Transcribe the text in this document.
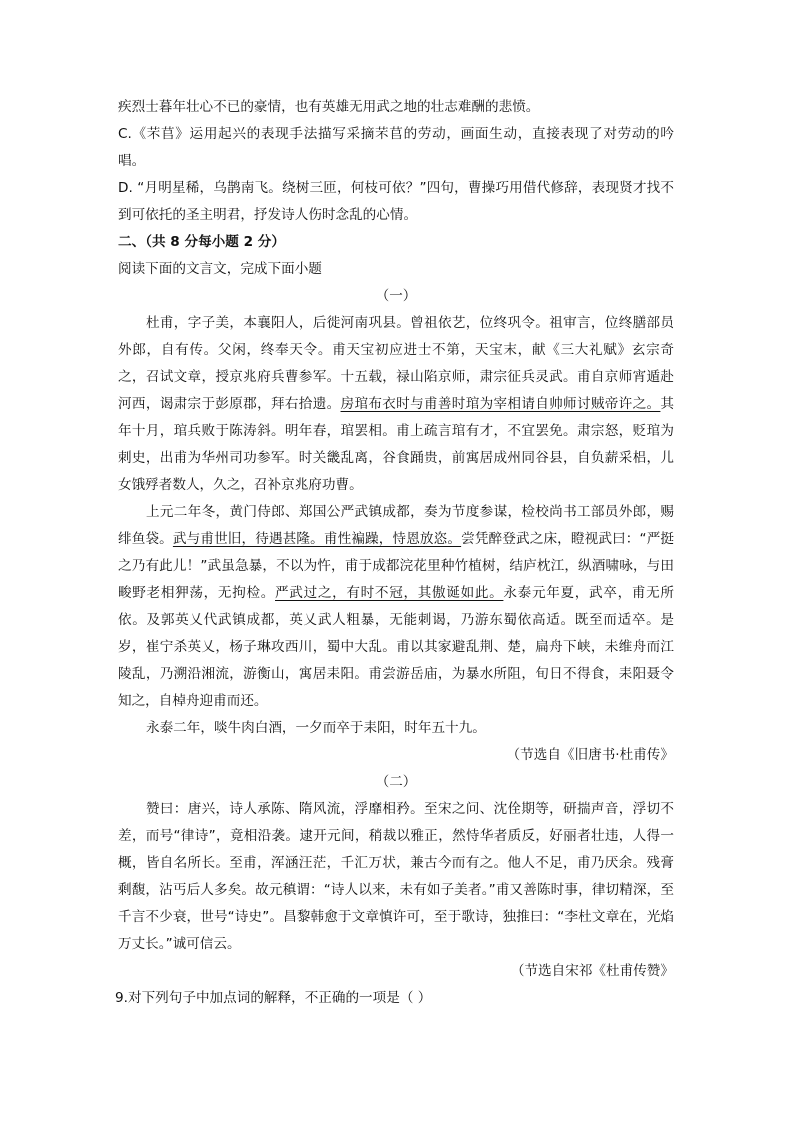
疾烈士暮年壮心不已的豪情，也有英雄无用武之地的壮志难酬的悲愤。

C.《芣苢》运用起兴的表现手法描写采摘芣苢的劳动，画面生动，直接表现了对劳动的吟唱。

D. “月明星稀，乌鹊南飞。绕树三匝，何枝可依？”四句，曹操巧用借代修辞，表现贤才找不到可依托的圣主明君，抒发诗人伤时念乱的心情。

二、（共 8 分每小题 2 分）

阅读下面的文言文，完成下面小题

（一）

杜甫，字子美，本襄阳人，后徙河南巩县。曾祖依艺，位终巩令。祖审言，位终膳部员外郎，自有传。父闲，终奉天令。甫天宝初应进士不第，天宝末，献《三大礼赋》玄宗奇之，召试文章，授京兆府兵曹参军。十五载，禄山陷京师，肃宗征兵灵武。甫自京师宵遁赴河西，谒肃宗于彭原郡，拜右拾遗。房琯布衣时与甫善时琯为宰相请自帅师讨贼帝许之。其年十月，琯兵败于陈涛斜。明年春，琯罢相。甫上疏言琯有才，不宜罢免。肃宗怒，贬琯为刺史，出甫为华州司功参军。时关畿乱离，谷食踊贵，前寓居成州同谷县，自负薪采梠，儿女饿殍者数人，久之，召补京兆府功曹。

上元二年冬，黄门侍郎、郑国公严武镇成都，奏为节度参谋，检校尚书工部员外郎，赐绯鱼袋。武与甫世旧，待遇甚隆。甫性褊躁，恃恩放恣。尝凭醉登武之床，瞪视武曰：“严挺之乃有此儿！”武虽急暴，不以为忤，甫于成都浣花里种竹植树，结庐枕江，纵酒啸咏，与田畯野老相狎荡，无拘检。严武过之，有时不冠，其傲诞如此。永泰元年夏，武卒，甫无所依。及郭英乂代武镇成都，英乂武人粗暴，无能刺谒，乃游东蜀依高适。既至而适卒。是岁，崔宁杀英乂，杨子琳攻西川，蜀中大乱。甫以其家避乱荆、楚，扁舟下峡，未维舟而江陵乱，乃溯沿湘流，游衡山，寓居耒阳。甫尝游岳庙，为暴水所阻，旬日不得食，耒阳聂令知之，自棹舟迎甫而还。

永泰二年，啖牛肉白酒，一夕而卒于耒阳，时年五十九。

（节选自《旧唐书·杜甫传》

（二）

赞曰：唐兴，诗人承陈、隋风流，浮靡相矜。至宋之问、沈佺期等，研揣声音，浮切不差，而号“律诗”，竟相沿袭。逮开元间，稍裁以雅正，然恃华者质反，好丽者壮违，人得一概，皆自名所长。至甫，浑涵汪茫，千汇万状，兼古今而有之。他人不足，甫乃厌余。残膏剩馥，沾丐后人多矣。故元稹谓：“诗人以来，未有如子美者。”甫又善陈时事，律切精深，至千言不少衰，世号“诗史”。昌黎韩愈于文章慎许可，至于歌诗，独推曰：“李杜文章在，光焰万丈长。”诚可信云。

（节选自宋祁《杜甫传赞》

9.对下列句子中加点词的解释，不正确的一项是（ ）
